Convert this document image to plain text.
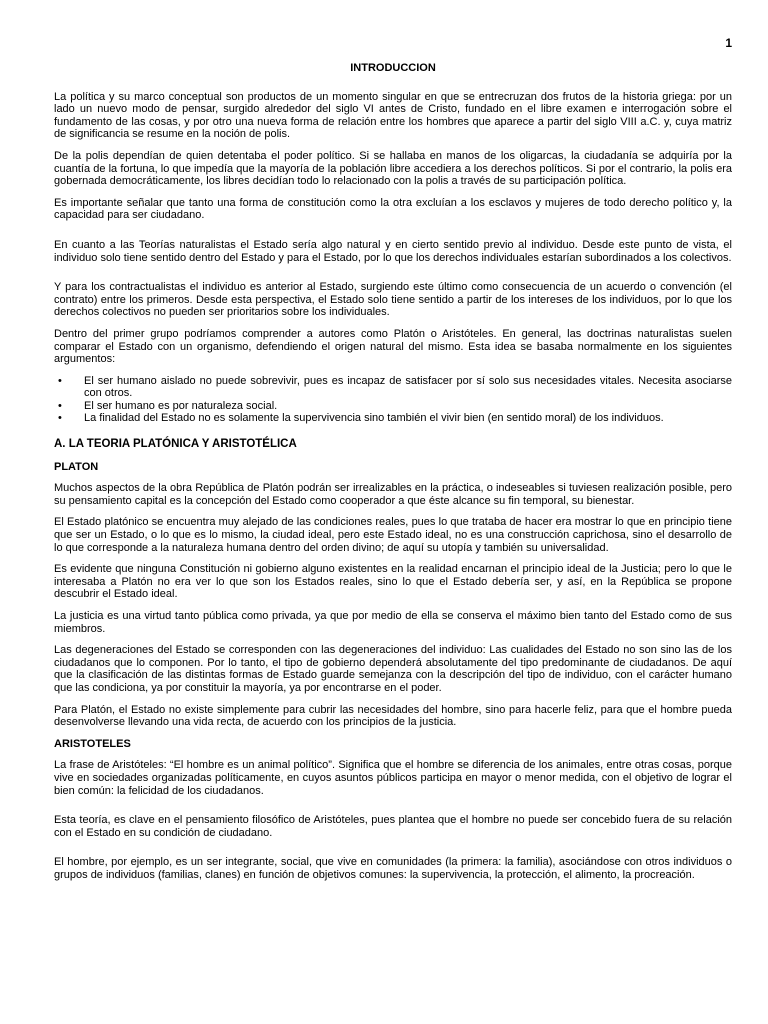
1
INTRODUCCION

La política y su marco conceptual son productos de un momento singular en que se entrecruzan dos frutos de la historia griega: por un lado un nuevo modo de pensar, surgido alrededor del siglo VI antes de Cristo, fundado en el libre examen e interrogación sobre el fundamento de las cosas, y por otro una nueva forma de relación entre los hombres que aparece a partir del siglo VIII a.C. y, cuya matriz de significancia se resume en la noción de polis.

De la polis dependían de quien detentaba el poder político. Si se hallaba en manos de los oligarcas, la ciudadanía se adquiría por la cuantía de la fortuna, lo que impedía que la mayoría de la población libre accediera a los derechos políticos. Si por el contrario, la polis era gobernada democráticamente, los libres decidían todo lo relacionado con la polis a través de su participación política.

Es importante señalar que tanto una forma de constitución como la otra excluían a los esclavos y mujeres de todo derecho político y, la capacidad para ser ciudadano.

En cuanto a las Teorías naturalistas el Estado sería algo natural y en cierto sentido previo al individuo. Desde este punto de vista, el individuo solo tiene sentido dentro del Estado y para el Estado, por lo que los derechos individuales estarían subordinados a los colectivos.

Y para los contractualistas el individuo es anterior al Estado, surgiendo este último como consecuencia de un acuerdo o convención (el contrato) entre los primeros. Desde esta perspectiva, el Estado solo tiene sentido a partir de los intereses de los individuos, por lo que los derechos colectivos no pueden ser prioritarios sobre los individuales.

Dentro del primer grupo podríamos comprender a autores como Platón o Aristóteles. En general, las doctrinas naturalistas suelen comparar el Estado con un organismo, defendiendo el origen natural del mismo. Esta idea se basaba normalmente en los siguientes argumentos:

• El ser humano aislado no puede sobrevivir, pues es incapaz de satisfacer por sí solo sus necesidades vitales. Necesita asociarse con otros.
• El ser humano es por naturaleza social.
• La finalidad del Estado no es solamente la supervivencia sino también el vivir bien (en sentido moral) de los individuos.
A. LA TEORIA PLATÓNICA Y ARISTOTÉLICA
PLATON

Muchos aspectos de la obra República de Platón podrán ser irrealizables en la práctica, o indeseables si tuviesen realización posible, pero su pensamiento capital es la concepción del Estado como cooperador a que éste alcance su fin temporal, su bienestar.

El Estado platónico se encuentra muy alejado de las condiciones reales, pues lo que trataba de hacer era mostrar lo que en principio tiene que ser un Estado, o lo que es lo mismo, la ciudad ideal, pero este Estado ideal, no es una construcción caprichosa, sino el desarrollo de lo que corresponde a la naturaleza humana dentro del orden divino; de aquí su utopía y también su universalidad.

Es evidente que ninguna Constitución ni gobierno alguno existentes en la realidad encarnan el principio ideal de la Justicia; pero lo que le interesaba a Platón no era ver lo que son los Estados reales, sino lo que el Estado debería ser, y así, en la República se propone descubrir el Estado ideal.

La justicia es una virtud tanto pública como privada, ya que por medio de ella se conserva el máximo bien tanto del Estado como de sus miembros.

Las degeneraciones del Estado se corresponden con las degeneraciones del individuo: Las cualidades del Estado no son sino las de los ciudadanos que lo componen. Por lo tanto, el tipo de gobierno dependerá absolutamente del tipo predominante de ciudadanos. De aquí que la clasificación de las distintas formas de Estado guarde semejanza con la descripción del tipo de individuo, con el carácter humano que las condiciona, ya por constituir la mayoría, ya por encontrarse en el poder.

Para Platón, el Estado no existe simplemente para cubrir las necesidades del hombre, sino para hacerle feliz, para que el hombre pueda desenvolverse llevando una vida recta, de acuerdo con los principios de la justicia.

ARISTOTELES

La frase de Aristóteles: “El hombre es un animal político”. Significa que el hombre se diferencia de los animales, entre otras cosas, porque vive en sociedades organizadas políticamente, en cuyos asuntos públicos participa en mayor o menor medida, con el objetivo de lograr el bien común: la felicidad de los ciudadanos.

Esta teoría, es clave en el pensamiento filosófico de Aristóteles, pues plantea que el hombre no puede ser concebido fuera de su relación con el Estado en su condición de ciudadano.

El hombre, por ejemplo, es un ser integrante, social, que vive en comunidades (la primera: la familia), asociándose con otros individuos o grupos de individuos (familias, clanes) en función de objetivos comunes: la supervivencia, la protección, el alimento, la procreación.
